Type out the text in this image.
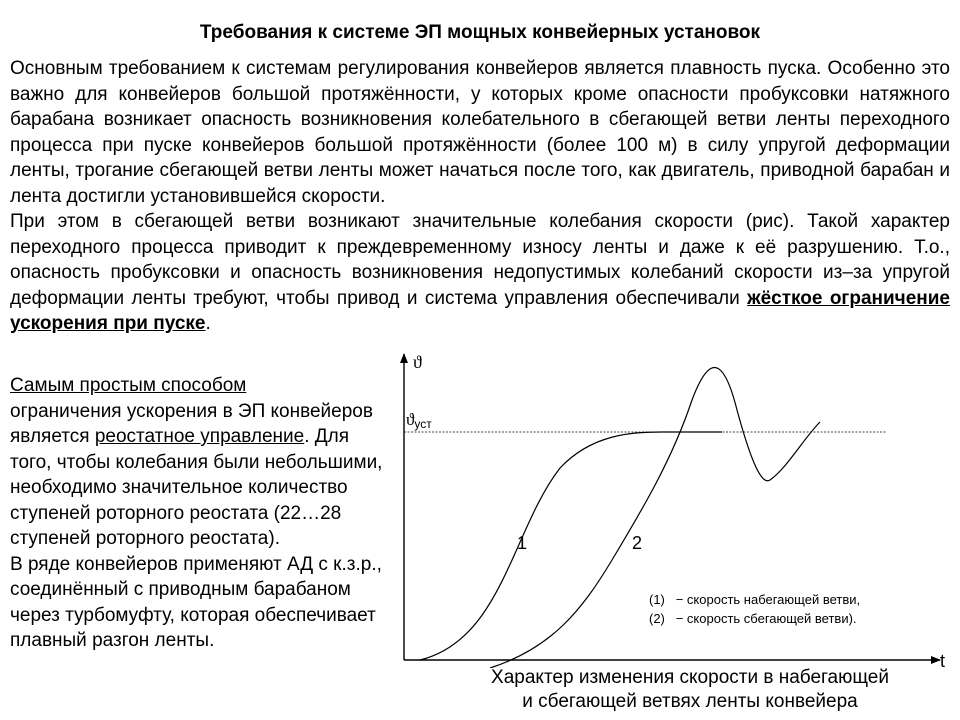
Требования к системе ЭП мощных конвейерных установок

Основным требованием к системам регулирования конвейеров является плавность пуска. Особенно это важно для конвейеров большой протяжённости, у которых кроме опасности пробуксовки натяжного барабана возникает опасность возникновения колебательного в сбегающей ветви ленты переходного процесса при пуске конвейеров большой протяжённости (более 100 м) в силу упругой деформации ленты, трогание сбегающей ветви ленты может начаться после того, как двигатель, приводной барабан и лента достигли установившейся скорости.

При этом в сбегающей ветви возникают значительные колебания скорости (рис). Такой характер переходного процесса приводит к преждевременному износу ленты и даже к её разрушению. Т.о., опасность пробуксовки и опасность возникновения недопустимых колебаний скорости из–за упругой деформации ленты требуют, чтобы привод и система управления обеспечивали жёсткое ограничение ускорения при пуске.

Самым простым способом
ограничения ускорения в ЭП конвейеров является реостатное управление. Для того, чтобы колебания были небольшими, необходимо значительное количество ступеней роторного реостата (22…28 ступеней роторного реостата).

В ряде конвейеров применяют АД с к.з.р., соединённый с приводным барабаном через турбомуфту, которая обеспечивает плавный разгон ленты.

ϑ
ϑуст
1	2
(1)   − скорость набегающей ветви,
(2)   − скорость сбегающей ветви).
t
Характер изменения скорости в набегающей
и сбегающей ветвях ленты конвейера
